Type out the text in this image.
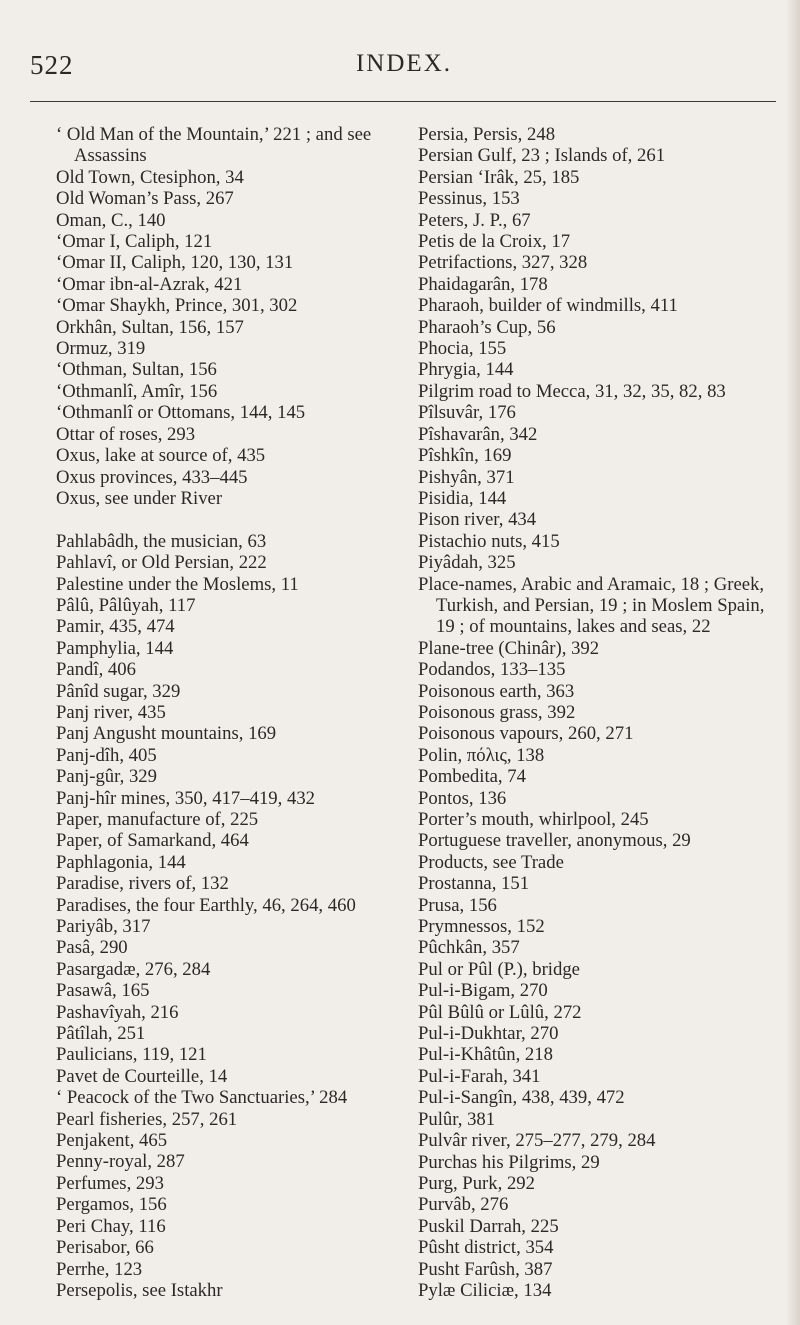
522	INDEX.
‘ Old Man of the Mountain,’ 221 ; and see Assassins
Old Town, Ctesiphon, 34
Old Woman’s Pass, 267
Oman, C., 140
‘Omar I, Caliph, 121
‘Omar II, Caliph, 120, 130, 131
‘Omar ibn-al-Azrak, 421
‘Omar Shaykh, Prince, 301, 302
Orkhân, Sultan, 156, 157
Ormuz, 319
‘Othman, Sultan, 156
‘Othmanlî, Amîr, 156
‘Othmanlî or Ottomans, 144, 145
Ottar of roses, 293
Oxus, lake at source of, 435
Oxus provinces, 433–445
Oxus, see under River
Pahlabâdh, the musician, 63
Pahlavî, or Old Persian, 222
Palestine under the Moslems, 11
Pâlû, Pâlûyah, 117
Pamir, 435, 474
Pamphylia, 144
Pandî, 406
Pânîd sugar, 329
Panj river, 435
Panj Angusht mountains, 169
Panj-dîh, 405
Panj-gûr, 329
Panj-hîr mines, 350, 417–419, 432
Paper, manufacture of, 225
Paper, of Samarkand, 464
Paphlagonia, 144
Paradise, rivers of, 132
Paradises, the four Earthly, 46, 264, 460
Pariyâb, 317
Pasâ, 290
Pasargadæ, 276, 284
Pasawâ, 165
Pashavîyah, 216
Pâtîlah, 251
Paulicians, 119, 121
Pavet de Courteille, 14
‘ Peacock of the Two Sanctuaries,’ 284
Pearl fisheries, 257, 261
Penjakent, 465
Penny-royal, 287
Perfumes, 293
Pergamos, 156
Peri Chay, 116
Perisabor, 66
Perrhe, 123
Persepolis, see Istakhr
Persia, Persis, 248
Persian Gulf, 23 ; Islands of, 261
Persian ‘Irâk, 25, 185
Pessinus, 153
Peters, J. P., 67
Petis de la Croix, 17
Petrifactions, 327, 328
Phaidagarân, 178
Pharaoh, builder of windmills, 411
Pharaoh’s Cup, 56
Phocia, 155
Phrygia, 144
Pilgrim road to Mecca, 31, 32, 35, 82, 83
Pîlsuvâr, 176
Pîshavarân, 342
Pîshkîn, 169
Pishyân, 371
Pisidia, 144
Pison river, 434
Pistachio nuts, 415
Piyâdah, 325
Place-names, Arabic and Aramaic, 18 ; Greek, Turkish, and Persian, 19 ; in Moslem Spain, 19 ; of mountains, lakes and seas, 22
Plane-tree (Chinâr), 392
Podandos, 133–135
Poisonous earth, 363
Poisonous grass, 392
Poisonous vapours, 260, 271
Polin, πόλις, 138
Pombedita, 74
Pontos, 136
Porter’s mouth, whirlpool, 245
Portuguese traveller, anonymous, 29
Products, see Trade
Prostanna, 151
Prusa, 156
Prymnessos, 152
Pûchkân, 357
Pul or Pûl (P.), bridge
Pul-i-Bigam, 270
Pûl Bûlû or Lûlû, 272
Pul-i-Dukhtar, 270
Pul-i-Khâtûn, 218
Pul-i-Farah, 341
Pul-i-Sangîn, 438, 439, 472
Pulûr, 381
Pulvâr river, 275–277, 279, 284
Purchas his Pilgrims, 29
Purg, Purk, 292
Purvâb, 276
Puskil Darrah, 225
Pûsht district, 354
Pusht Farûsh, 387
Pylæ Ciliciæ, 134
